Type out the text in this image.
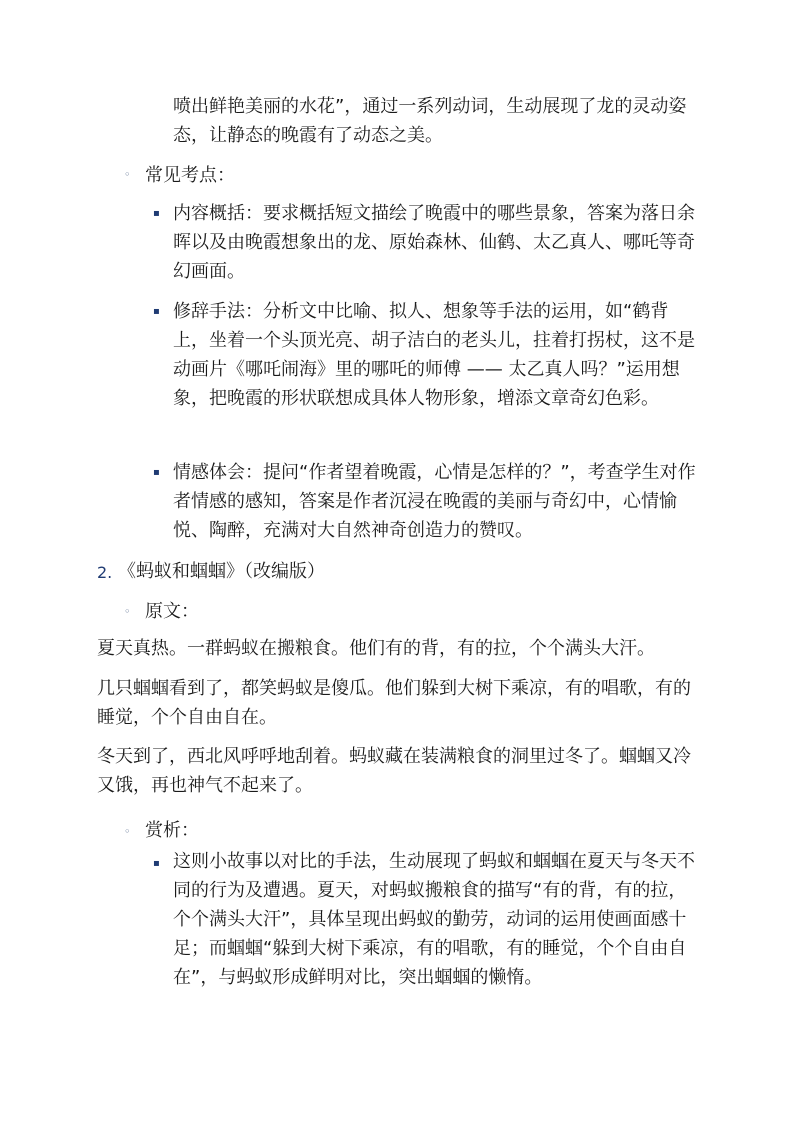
喷出鲜艳美丽的水花”，通过一系列动词，生动展现了龙的灵动姿态，让静态的晚霞有了动态之美。
◦ 常见考点：
▪ 内容概括：要求概括短文描绘了晚霞中的哪些景象，答案为落日余晖以及由晚霞想象出的龙、原始森林、仙鹤、太乙真人、哪吒等奇幻画面。
▪ 修辞手法：分析文中比喻、拟人、想象等手法的运用，如“鹤背上，坐着一个头顶光亮、胡子洁白的老头儿，拄着打拐杖，这不是动画片《哪吒闹海》里的哪吒的师傅 —— 太乙真人吗？”运用想象，把晚霞的形状联想成具体人物形象，增添文章奇幻色彩。
▪ 情感体会：提问“作者望着晚霞，心情是怎样的？”，考查学生对作者情感的感知，答案是作者沉浸在晚霞的美丽与奇幻中，心情愉悦、陶醉，充满对大自然神奇创造力的赞叹。
2. 《蚂蚁和蝈蝈》（改编版）
◦ 原文：
夏天真热。一群蚂蚁在搬粮食。他们有的背，有的拉，个个满头大汗。
几只蝈蝈看到了，都笑蚂蚁是傻瓜。他们躲到大树下乘凉，有的唱歌，有的睡觉，个个自由自在。
冬天到了，西北风呼呼地刮着。蚂蚁藏在装满粮食的洞里过冬了。蝈蝈又冷又饿，再也神气不起来了。
◦ 赏析：
▪ 这则小故事以对比的手法，生动展现了蚂蚁和蝈蝈在夏天与冬天不同的行为及遭遇。夏天，对蚂蚁搬粮食的描写“有的背，有的拉，个个满头大汗”，具体呈现出蚂蚁的勤劳，动词的运用使画面感十足；而蝈蝈“躲到大树下乘凉，有的唱歌，有的睡觉，个个自由自在”，与蚂蚁形成鲜明对比，突出蝈蝈的懒惰。
